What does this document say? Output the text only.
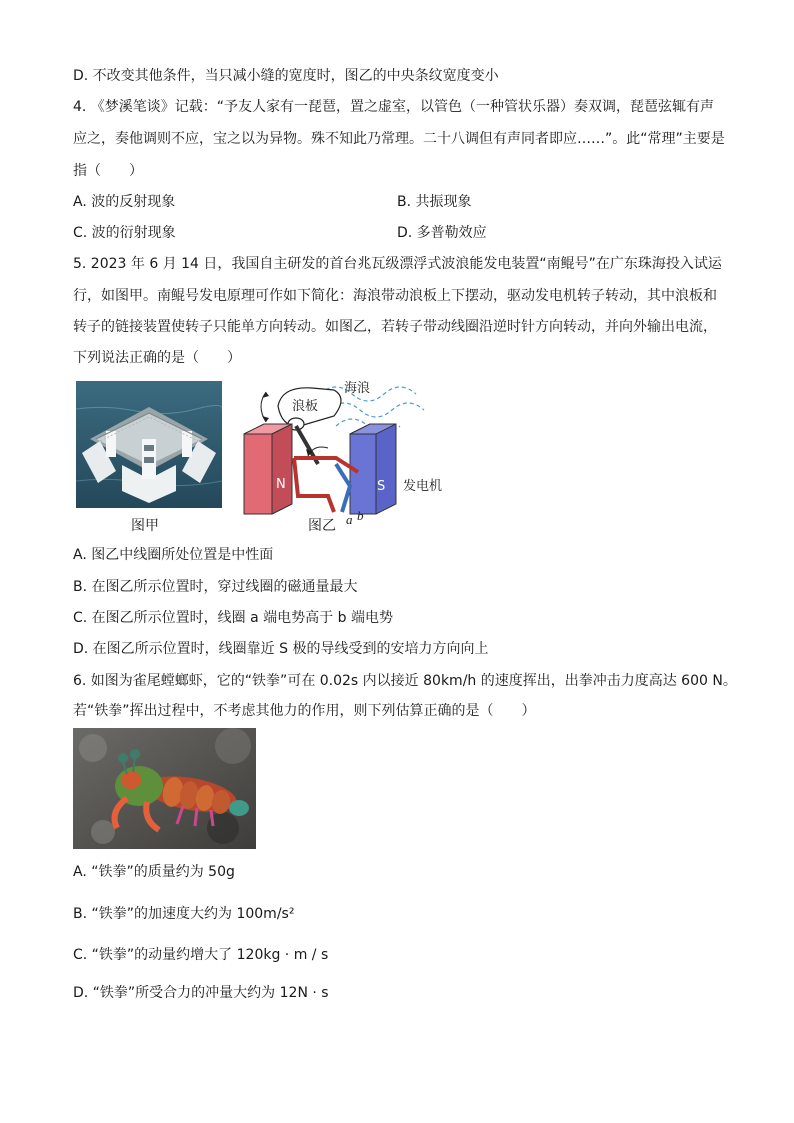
D. 不改变其他条件，当只减小缝的宽度时，图乙的中央条纹宽度变小
4. 《梦溪笔谈》记载：“予友人家有一琵琶，置之虚室，以管色（一种管状乐器）奏双调，琵琶弦辄有声
应之，奏他调则不应，宝之以为异物。殊不知此乃常理。二十八调但有声同者即应……”。此“常理”主要是
指（　　）
A. 波的反射现象	B. 共振现象
C. 波的衍射现象	D. 多普勒效应
5. 2023 年 6 月 14 日，我国自主研发的首台兆瓦级漂浮式波浪能发电装置“南鲲号”在广东珠海投入试运
行，如图甲。南鲲号发电原理可作如下简化：海浪带动浪板上下摆动，驱动发电机转子转动，其中浪板和
转子的链接装置使转子只能单方向转动。如图乙，若转子带动线圈沿逆时针方向转动，并向外输出电流，
下列说法正确的是（　　）
图甲
浪板
海浪
N	S 发电机
a b
图乙
A. 图乙中线圈所处位置是中性面
B. 在图乙所示位置时，穿过线圈的磁通量最大
C. 在图乙所示位置时，线圈 a 端电势高于 b 端电势
D. 在图乙所示位置时，线圈靠近 S 极的导线受到的安培力方向向上
6. 如图为雀尾螳螂虾，它的“铁拳”可在 0.02s 内以接近 80km/h 的速度挥出，出拳冲击力度高达 600 N。
若“铁拳”挥出过程中，不考虑其他力的作用，则下列估算正确的是（　　）
A. “铁拳”的质量约为 50g
B. “铁拳”的加速度大约为 100m/s²
C. “铁拳”的动量约增大了 120kg · m / s
D. “铁拳”所受合力的冲量大约为 12N · s
